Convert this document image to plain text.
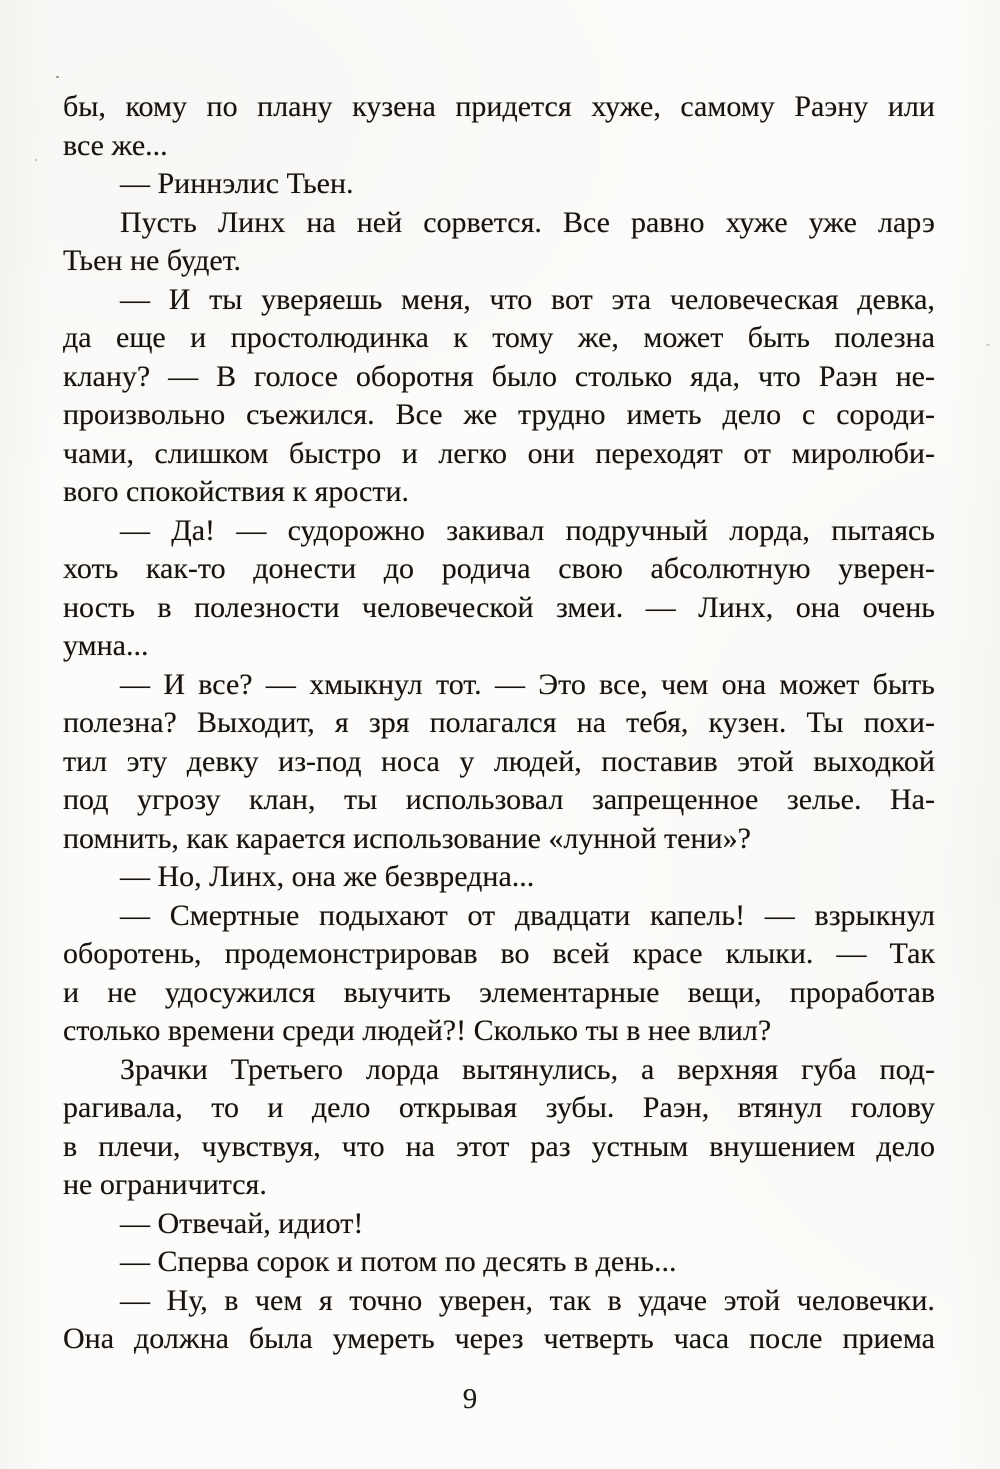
бы, кому по плану кузена придется хуже, самому Раэну или
все же...
— Риннэлис Тьен.
Пусть Линх на ней сорвется. Все равно хуже уже ларэ
Тьен не будет.
— И ты уверяешь меня, что вот эта человеческая девка,
да еще и простолюдинка к тому же, может быть полезна
клану? — В голосе оборотня было столько яда, что Раэн не-
произвольно съежился. Все же трудно иметь дело с сороди-
чами, слишком быстро и легко они переходят от миролюби-
вого спокойствия к ярости.
— Да! — судорожно закивал подручный лорда, пытаясь
хоть как-то донести до родича свою абсолютную уверен-
ность в полезности человеческой змеи. — Линх, она очень
умна...
— И все? — хмыкнул тот. — Это все, чем она может быть
полезна? Выходит, я зря полагался на тебя, кузен. Ты похи-
тил эту девку из-под носа у людей, поставив этой выходкой
под угрозу клан, ты использовал запрещенное зелье. На-
помнить, как карается использование «лунной тени»?
— Но, Линх, она же безвредна...
— Смертные подыхают от двадцати капель! — взрыкнул
оборотень, продемонстрировав во всей красе клыки. — Так
и не удосужился выучить элементарные вещи, проработав
столько времени среди людей?! Сколько ты в нее влил?
Зрачки Третьего лорда вытянулись, а верхняя губа под-
рагивала, то и дело открывая зубы. Раэн, втянул голову
в плечи, чувствуя, что на этот раз устным внушением дело
не ограничится.
— Отвечай, идиот!
— Сперва сорок и потом по десять в день...
— Ну, в чем я точно уверен, так в удаче этой человечки.
Она должна была умереть через четверть часа после приема
9
